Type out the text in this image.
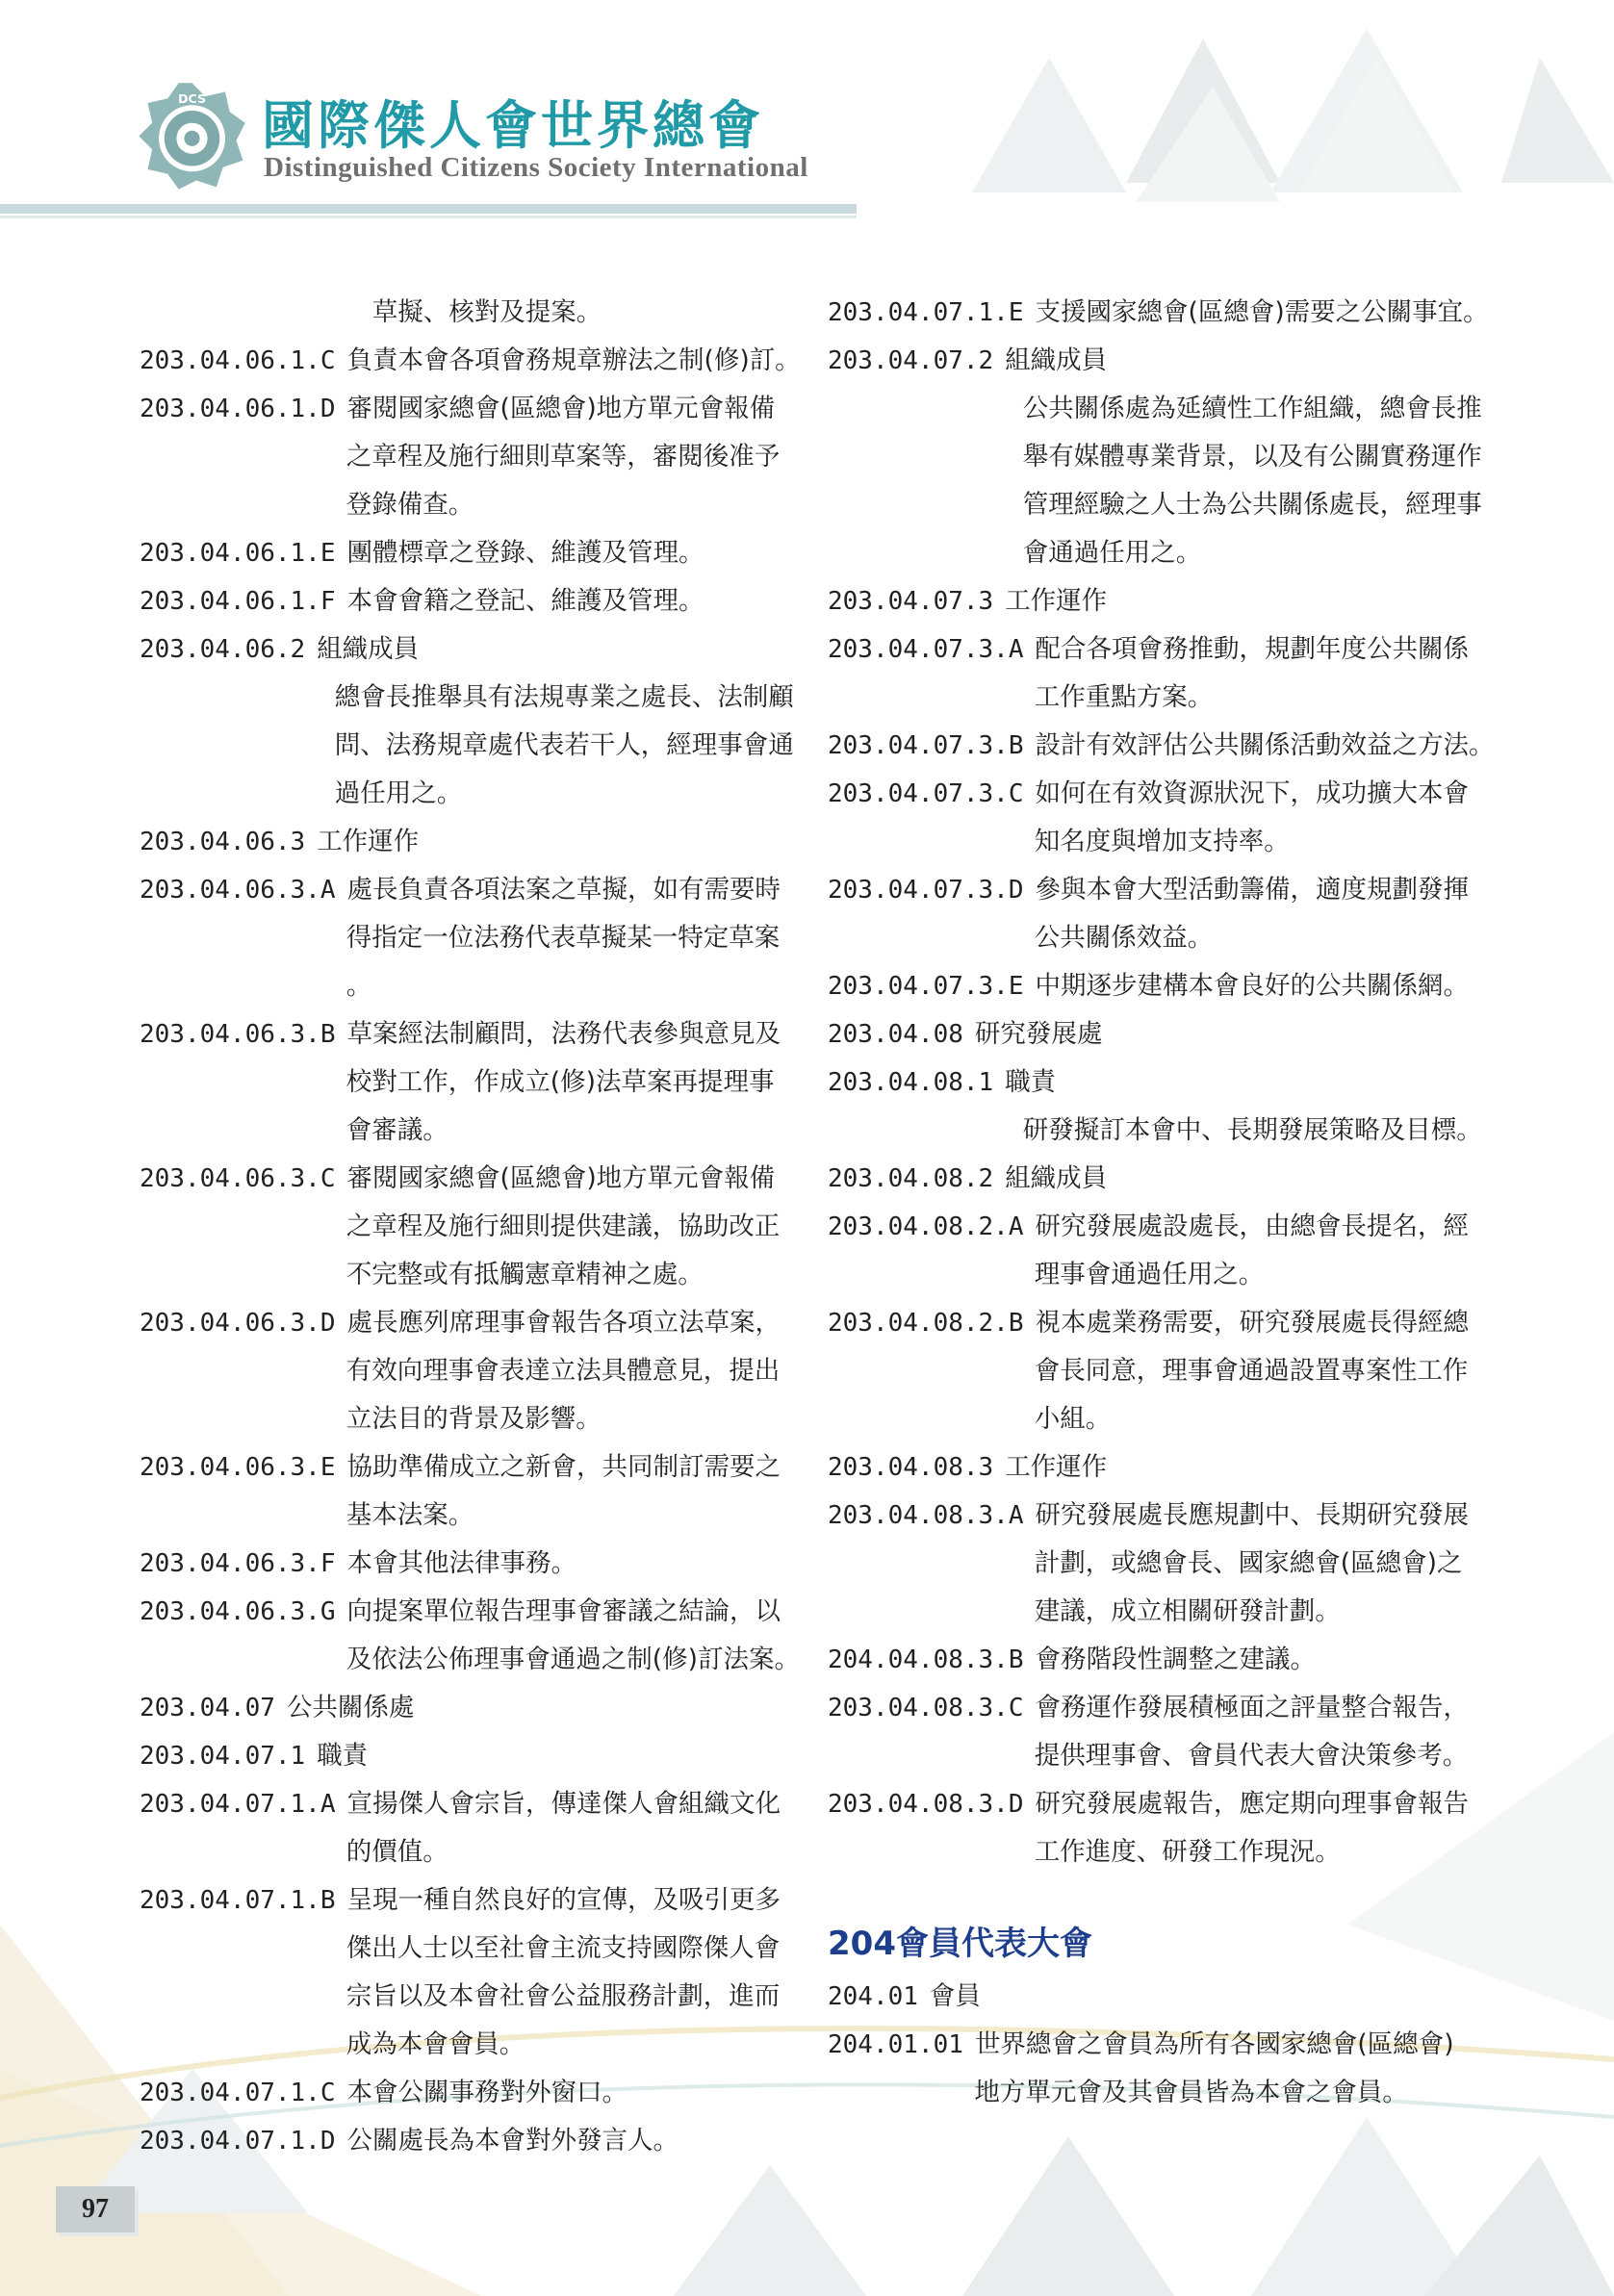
DCS 國際傑人會世界總會
Distinguished Citizens Society International
草擬、核對及提案。
203.04.06.1.C 負責本會各項會務規章辦法之制(修)訂。
203.04.06.1.D 審閱國家總會(區總會)地方單元會報備
之章程及施行細則草案等，審閱後准予
登錄備查。
203.04.06.1.E 團體標章之登錄、維護及管理。
203.04.06.1.F 本會會籍之登記、維護及管理。
203.04.06.2 組織成員
總會長推舉具有法規專業之處長、法制顧
問、法務規章處代表若干人，經理事會通
過任用之。
203.04.06.3 工作運作
203.04.06.3.A 處長負責各項法案之草擬，如有需要時
得指定一位法務代表草擬某一特定草案
。
203.04.06.3.B 草案經法制顧問，法務代表參與意見及
校對工作，作成立(修)法草案再提理事
會審議。
203.04.06.3.C 審閱國家總會(區總會)地方單元會報備
之章程及施行細則提供建議，協助改正
不完整或有抵觸憲章精神之處。
203.04.06.3.D 處長應列席理事會報告各項立法草案，
有效向理事會表達立法具體意見，提出
立法目的背景及影響。
203.04.06.3.E 協助準備成立之新會，共同制訂需要之
基本法案。
203.04.06.3.F 本會其他法律事務。
203.04.06.3.G 向提案單位報告理事會審議之結論，以
及依法公佈理事會通過之制(修)訂法案。
203.04.07 公共關係處
203.04.07.1 職責
203.04.07.1.A 宣揚傑人會宗旨，傳達傑人會組織文化
的價值。
203.04.07.1.B 呈現一種自然良好的宣傳，及吸引更多
傑出人士以至社會主流支持國際傑人會
宗旨以及本會社會公益服務計劃，進而
成為本會會員。
203.04.07.1.C 本會公關事務對外窗口。
203.04.07.1.D 公關處長為本會對外發言人。
203.04.07.1.E 支援國家總會(區總會)需要之公關事宜。
203.04.07.2 組織成員
公共關係處為延續性工作組織，總會長推
舉有媒體專業背景，以及有公關實務運作
管理經驗之人士為公共關係處長，經理事
會通過任用之。
203.04.07.3 工作運作
203.04.07.3.A 配合各項會務推動，規劃年度公共關係
工作重點方案。
203.04.07.3.B 設計有效評估公共關係活動效益之方法。
203.04.07.3.C 如何在有效資源狀況下，成功擴大本會
知名度與增加支持率。
203.04.07.3.D 參與本會大型活動籌備，適度規劃發揮
公共關係效益。
203.04.07.3.E 中期逐步建構本會良好的公共關係網。
203.04.08 研究發展處
203.04.08.1 職責
研發擬訂本會中、長期發展策略及目標。
203.04.08.2 組織成員
203.04.08.2.A 研究發展處設處長，由總會長提名，經
理事會通過任用之。
203.04.08.2.B 視本處業務需要，研究發展處長得經總
會長同意，理事會通過設置專案性工作
小組。
203.04.08.3 工作運作
203.04.08.3.A 研究發展處長應規劃中、長期研究發展
計劃，或總會長、國家總會(區總會)之
建議，成立相關研發計劃。
204.04.08.3.B 會務階段性調整之建議。
203.04.08.3.C 會務運作發展積極面之評量整合報告，
提供理事會、會員代表大會決策參考。
203.04.08.3.D 研究發展處報告，應定期向理事會報告
工作進度、研發工作現況。
204會員代表大會
204.01 會員
204.01.01 世界總會之會員為所有各國家總會(區總會)
地方單元會及其會員皆為本會之會員。
97
